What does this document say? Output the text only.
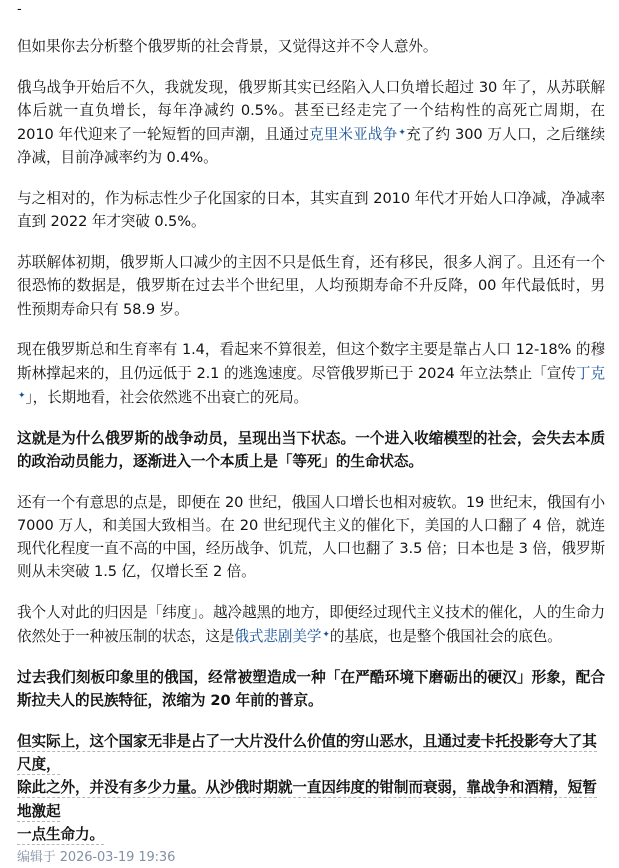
-

但如果你去分析整个俄罗斯的社会背景，又觉得这并不令人意外。

俄乌战争开始后不久，我就发现，俄罗斯其实已经陷入人口负增长超过 30 年了，从苏联解体后就一直负增长，每年净减约 0.5%。甚至已经走完了一个结构性的高死亡周期，在 2010 年代迎来了一轮短暂的回声潮，且通过克里米亚战争✦充了约 300 万人口，之后继续净减，目前净减率约为 0.4%。

与之相对的，作为标志性少子化国家的日本，其实直到 2010 年代才开始人口净减，净减率直到 2022 年才突破 0.5%。

苏联解体初期，俄罗斯人口减少的主因不只是低生育，还有移民，很多人润了。且还有一个很恐怖的数据是，俄罗斯在过去半个世纪里，人均预期寿命不升反降，00 年代最低时，男性预期寿命只有 58.9 岁。

现在俄罗斯总和生育率有 1.4，看起来不算很差，但这个数字主要是靠占人口 12-18% 的穆斯林撑起来的，且仍远低于 2.1 的逃逸速度。尽管俄罗斯已于 2024 年立法禁止「宣传丁克✦」，长期地看，社会依然逃不出衰亡的死局。

这就是为什么俄罗斯的战争动员，呈现出当下状态。一个进入收缩模型的社会，会失去本质的政治动员能力，逐渐进入一个本质上是「等死」的生命状态。

还有一个有意思的点是，即便在 20 世纪，俄国人口增长也相对疲软。19 世纪末，俄国有小 7000 万人，和美国大致相当。在 20 世纪现代主义的催化下，美国的人口翻了 4 倍，就连现代化程度一直不高的中国，经历战争、饥荒，人口也翻了 3.5 倍；日本也是 3 倍，俄罗斯则从未突破 1.5 亿，仅增长至 2 倍。

我个人对此的归因是「纬度」。越冷越黑的地方，即便经过现代主义技术的催化，人的生命力依然处于一种被压制的状态，这是俄式悲剧美学✦的基底，也是整个俄国社会的底色。

过去我们刻板印象里的俄国，经常被塑造成一种「在严酷环境下磨砺出的硬汉」形象，配合斯拉夫人的民族特征，浓缩为 20 年前的普京。

但实际上，这个国家无非是占了一大片没什么价值的穷山恶水，且通过麦卡托投影夸大了其尺度，
除此之外，并没有多少力量。从沙俄时期就一直因纬度的钳制而衰弱，靠战争和酒精，短暂地激起
一点生命力。

编辑于 2026-03-19 19:36
